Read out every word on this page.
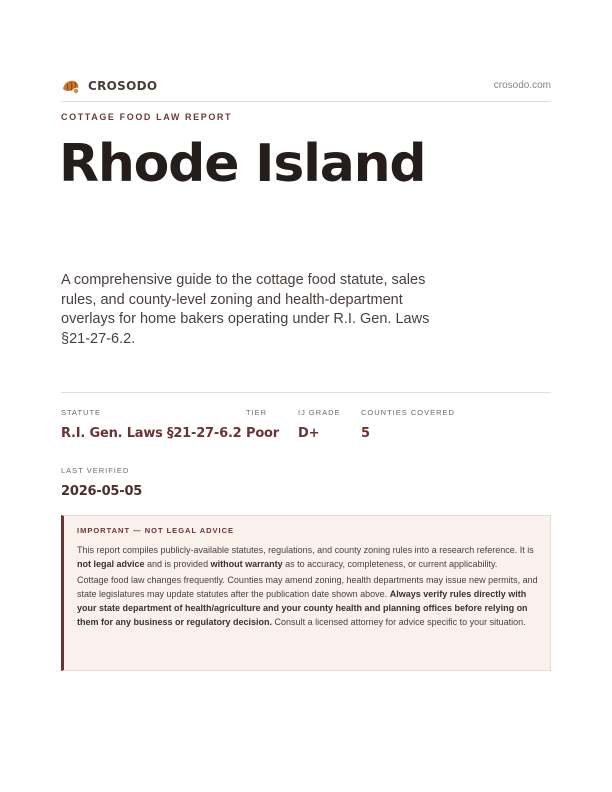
CROSODO	crosodo.com
COTTAGE FOOD LAW REPORT
Rhode Island

A comprehensive guide to the cottage food statute, sales rules, and county-level zoning and health-department overlays for home bakers operating under R.I. Gen. Laws §21-27-6.2.

STATUTE
R.I. Gen. Laws §21-27-6.2
TIER
Poor
IJ GRADE
D+
COUNTIES COVERED
5
LAST VERIFIED
2026-05-05
IMPORTANT — NOT LEGAL ADVICE

This report compiles publicly-available statutes, regulations, and county zoning rules into a research reference. It is not legal advice and is provided without warranty as to accuracy, completeness, or current applicability.

Cottage food law changes frequently. Counties may amend zoning, health departments may issue new permits, and state legislatures may update statutes after the publication date shown above. Always verify rules directly with your state department of health/agriculture and your county health and planning offices before relying on them for any business or regulatory decision. Consult a licensed attorney for advice specific to your situation.
